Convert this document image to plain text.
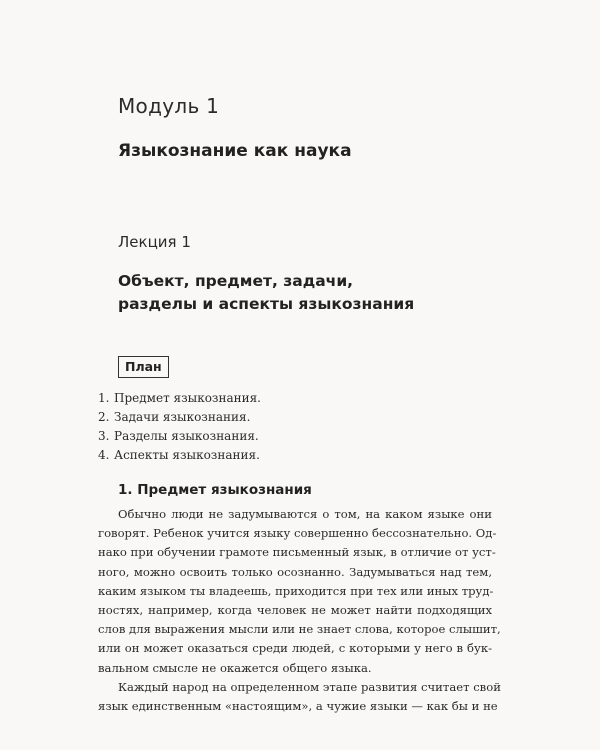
Модуль 1
Языкознание как наука
Лекция 1
Объект, предмет, задачи,
разделы и аспекты языкознания
План
1. Предмет языкознания.
2. Задачи языкознания.
3. Разделы языкознания.
4. Аспекты языкознания.
1. Предмет языкознания
Обычно люди не задумываются о том, на каком языке они
говорят. Ребенок учится языку совершенно бессознательно. Од-
нако при обучении грамоте письменный язык, в отличие от уст-
ного, можно освоить только осознанно. Задумываться над тем,
каким языком ты владеешь, приходится при тех или иных труд-
ностях, например, когда человек не может найти подходящих
слов для выражения мысли или не знает слова, которое слышит,
или он может оказаться среди людей, с которыми у него в бук-
вальном смысле не окажется общего языка.
Каждый народ на определенном этапе развития считает свой
язык единственным «настоящим», а чужие языки — как бы и не
